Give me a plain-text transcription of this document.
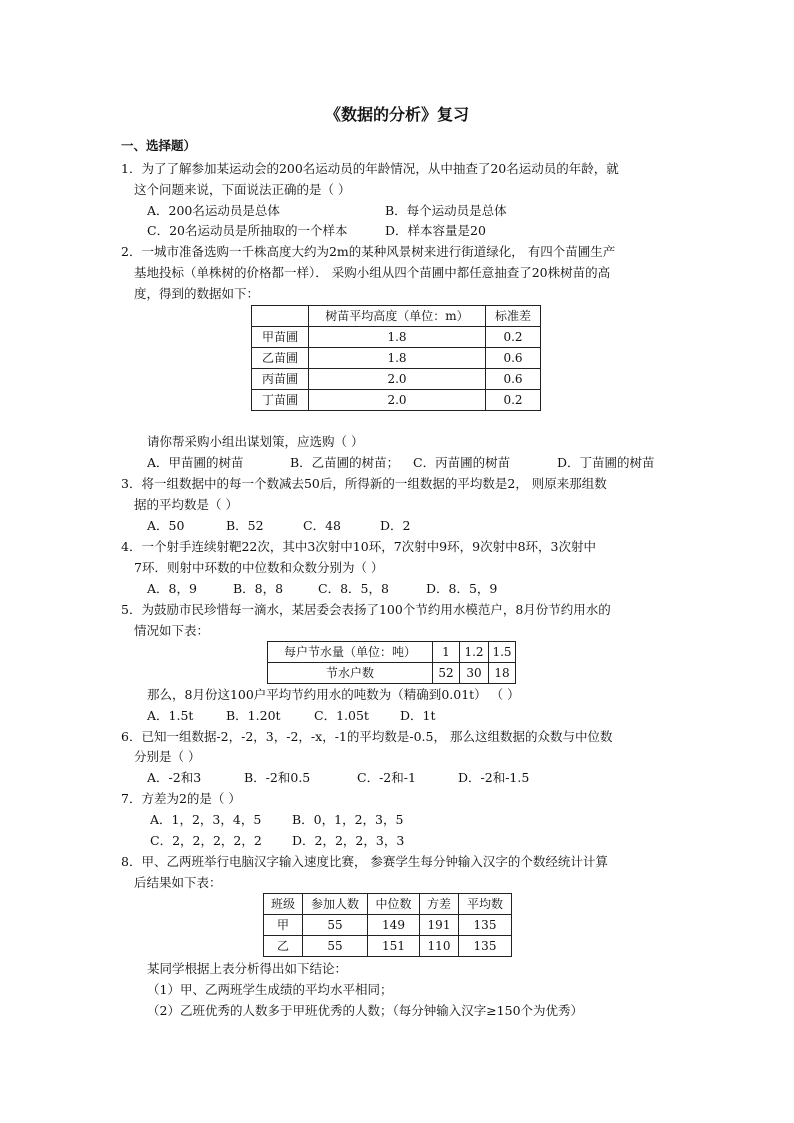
《数据的分析》复习
一、选择题）
1．为了了解参加某运动会的200名运动员的年龄情况，从中抽查了20名运动员的年龄，就
这个问题来说，下面说法正确的是（ ）
A．200名运动员是总体	B．每个运动员是总体
C．20名运动员是所抽取的一个样本	D．样本容量是20
2．一城市准备选购一千株高度大约为2m的某种风景树来进行街道绿化， 有四个苗圃生产
基地投标（单株树的价格都一样）． 采购小组从四个苗圃中都任意抽查了20株树苗的高
度，得到的数据如下：
	树苗平均高度（单位：m）	标准差
甲苗圃	1.8	0.2
乙苗圃	1.8	0.6
丙苗圃	2.0	0.6
丁苗圃	2.0	0.2
请你帮采购小组出谋划策，应选购（ ）
A．甲苗圃的树苗	B．乙苗圃的树苗； C．丙苗圃的树苗	D．丁苗圃的树苗
3．将一组数据中的每一个数减去50后，所得新的一组数据的平均数是2， 则原来那组数
据的平均数是（ ）
A．50	B．52	C．48	D．2
4．一个射手连续射靶22次，其中3次射中10环，7次射中9环，9次射中8环，3次射中
7环．则射中环数的中位数和众数分别为（ ）
A．8，9	B．8，8	C．8．5，8	D．8．5，9
5．为鼓励市民珍惜每一滴水，某居委会表扬了100个节约用水模范户，8月份节约用水的
情况如下表：
每户节水量（单位：吨）	1	1.2	1.5
节水户数	52	30	18
那么，8月份这100户平均节约用水的吨数为（精确到0.01t） （ ）
A．1.5t	B．1.20t	C．1.05t D．1t
6．已知一组数据-2，-2，3，-2，-x，-1的平均数是-0.5， 那么这组数据的众数与中位数
分别是（ ）
A．-2和3	B．-2和0.5	C．-2和-1	D．-2和-1.5
7．方差为2的是（ ）
A．1，2，3，4，5 B．0，1，2，3，5
C．2，2，2，2，2 D．2，2，2，3，3
8．甲、乙两班举行电脑汉字输入速度比赛， 参赛学生每分钟输入汉字的个数经统计计算
后结果如下表：
班级	参加人数	中位数	方差	平均数
甲	55	149	191	135
乙	55	151	110	135
某同学根据上表分析得出如下结论：
（1）甲、乙两班学生成绩的平均水平相同；
（2）乙班优秀的人数多于甲班优秀的人数；（每分钟输入汉字≥150个为优秀）
